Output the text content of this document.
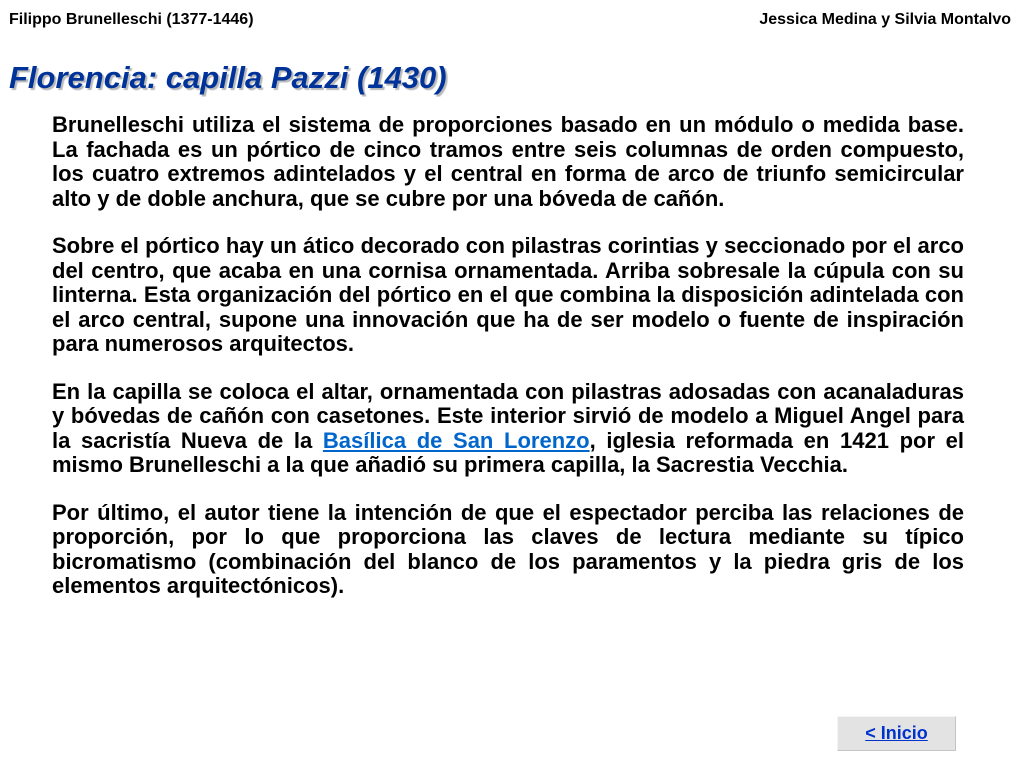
Filippo Brunelleschi (1377-1446)	Jessica Medina y Silvia Montalvo
Florencia: capilla Pazzi (1430)

Brunelleschi utiliza el sistema de proporciones basado en un módulo o medida base. La fachada es un pórtico de cinco tramos entre seis columnas de orden compuesto, los cuatro extremos adintelados y el central en forma de arco de triunfo semicircular alto y de doble anchura, que se cubre por una bóveda de cañón.

Sobre el pórtico hay un ático decorado con pilastras corintias y seccionado por el arco del centro, que acaba en una cornisa ornamentada. Arriba sobresale la cúpula con su linterna. Esta organización del pórtico en el que combina la disposición adintelada con el arco central, supone una innovación que ha de ser modelo o fuente de inspiración para numerosos arquitectos.

En la capilla se coloca el altar, ornamentada con pilastras adosadas con acanaladuras y bóvedas de cañón con casetones. Este interior sirvió de modelo a Miguel Angel para la sacristía Nueva de la Basílica de San Lorenzo, iglesia reformada en 1421 por el mismo Brunelleschi a la que añadió su primera capilla, la Sacrestia Vecchia.

Por último, el autor tiene la intención de que el espectador perciba las relaciones de proporción, por lo que proporciona las claves de lectura mediante su típico bicromatismo (combinación del blanco de los paramentos y la piedra gris de los elementos arquitectónicos).

< Inicio
